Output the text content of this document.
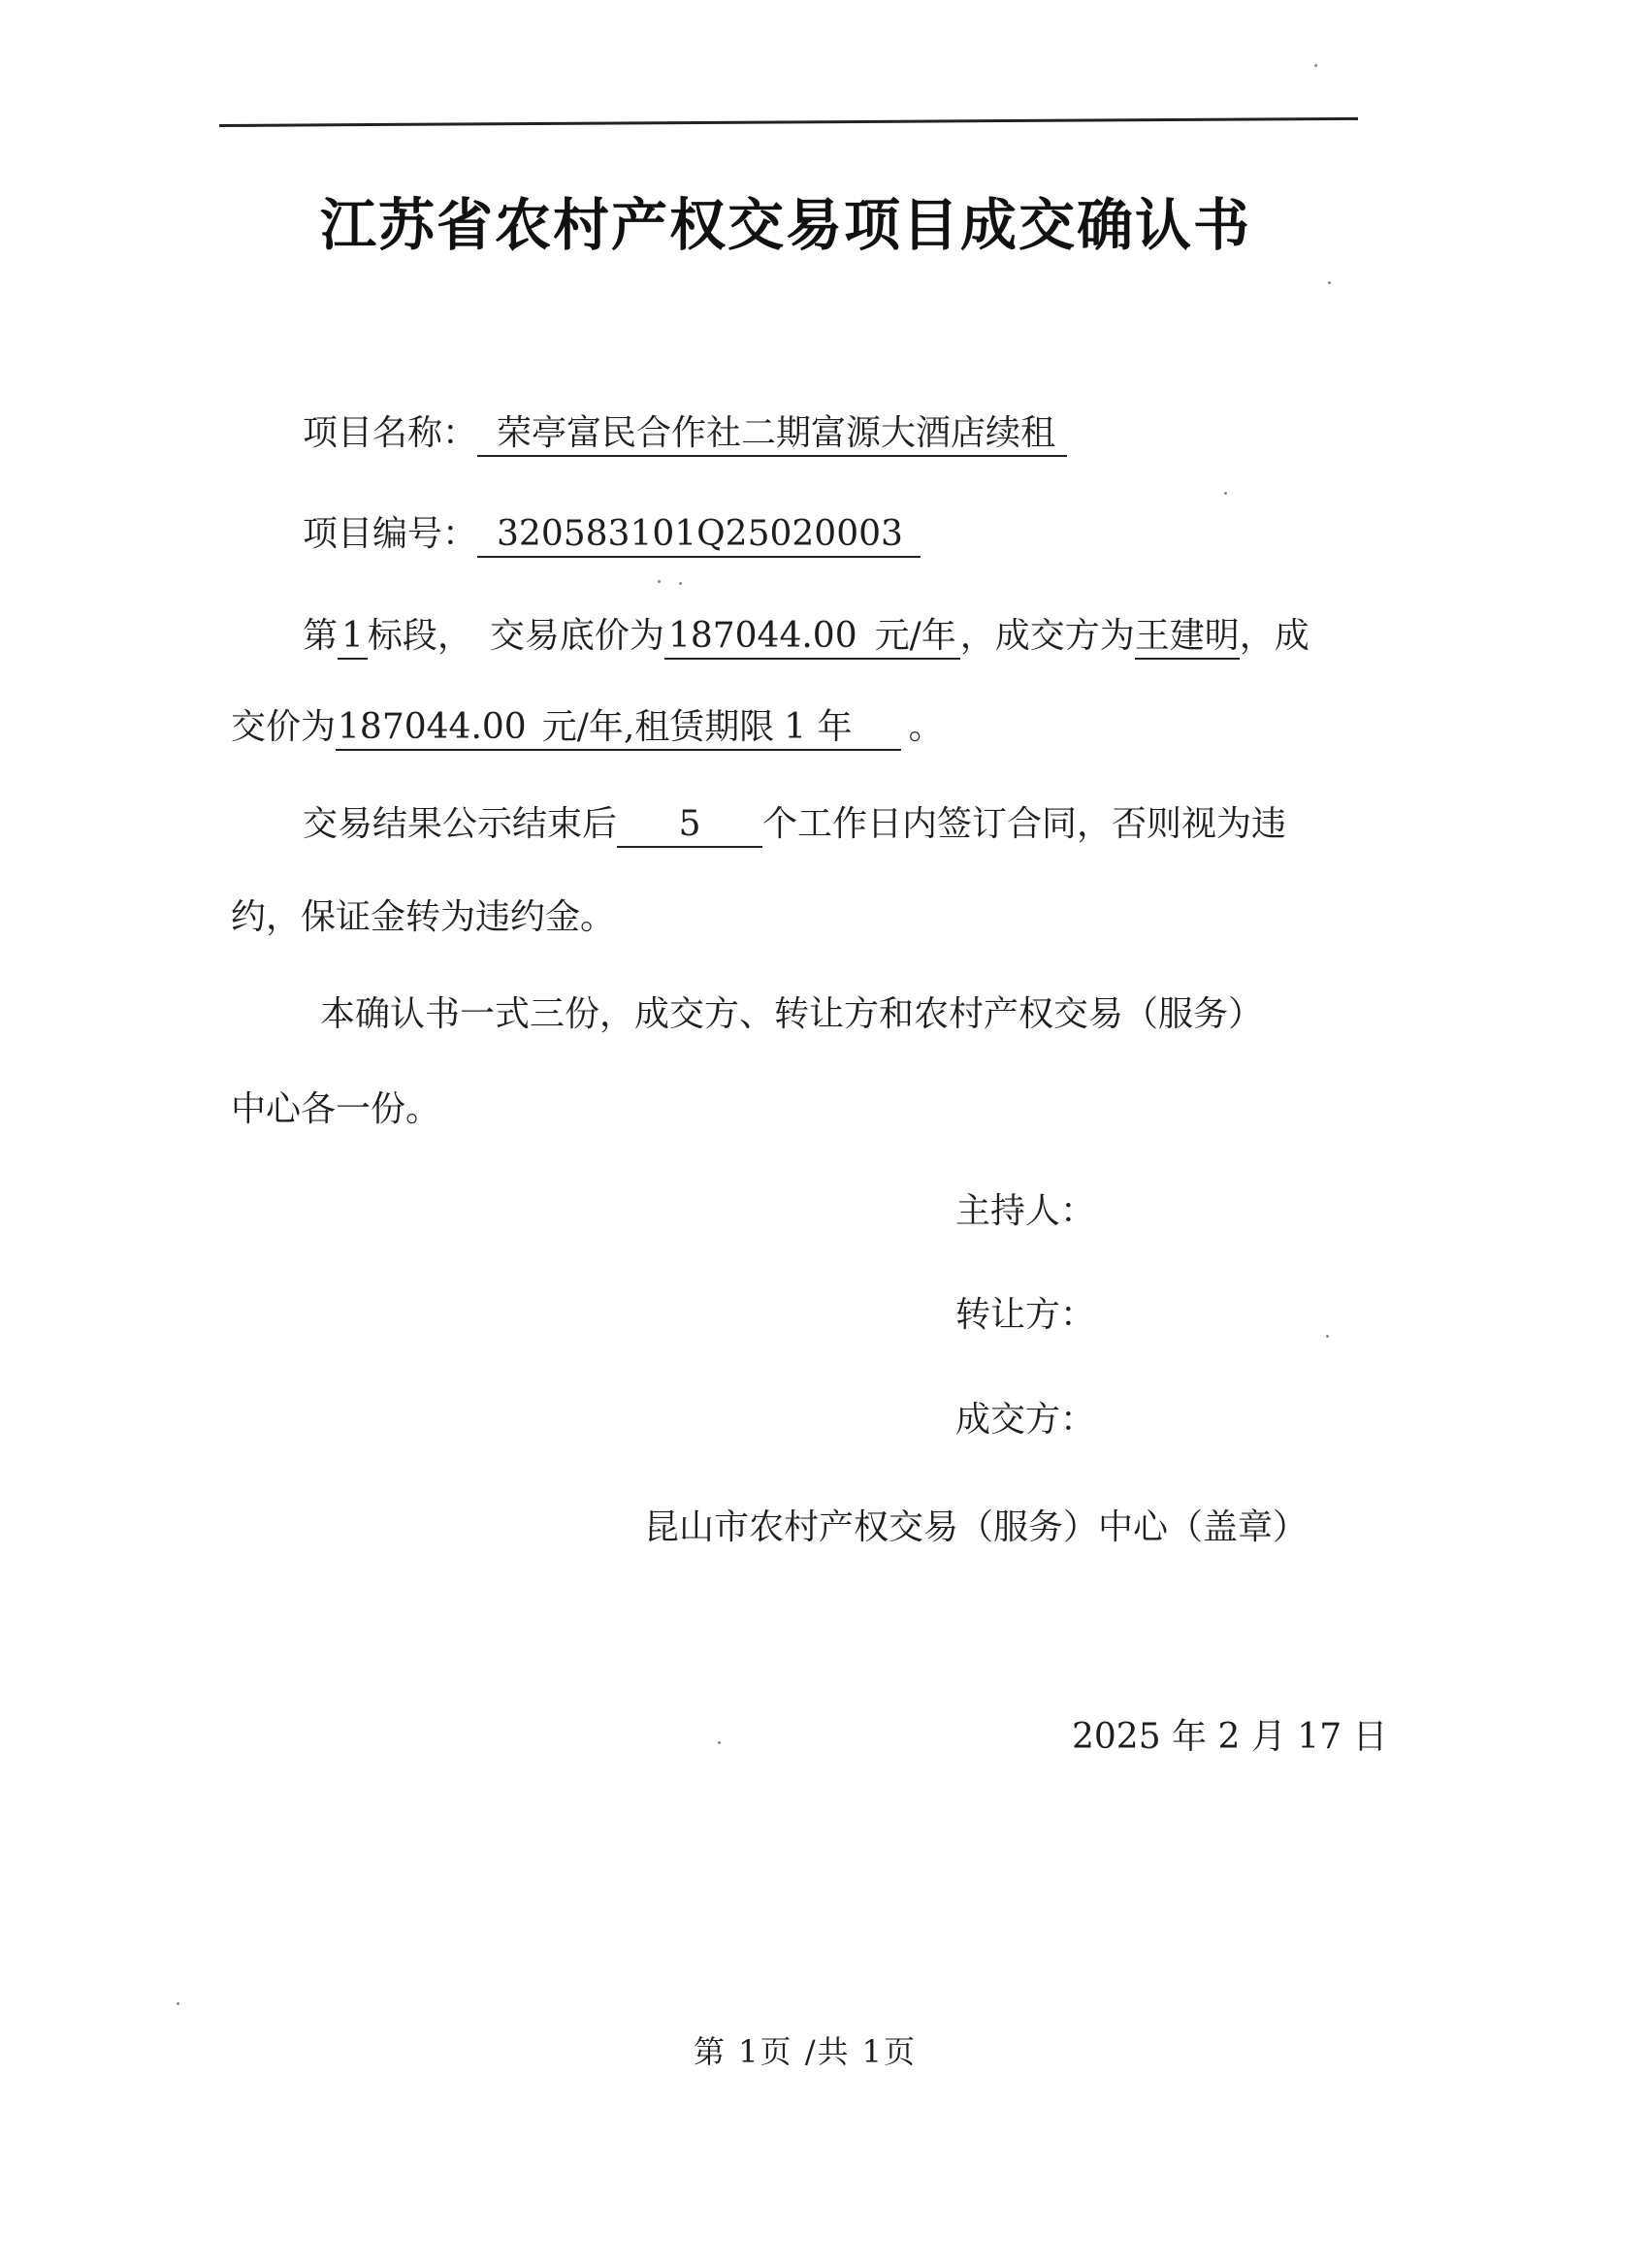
江苏省农村产权交易项目成交确认书
项目名称： 荣亭富民合作社二期富源大酒店续租
项目编号： 320583101Q25020003
第 1 标段，　交易底价为 187044.00 元/年 ，成交方为王建明，成
交价为187044.00 元/年,租赁期限 1 年 。
交易结果公示结束后 5 个工作日内签订合同，否则视为违
约，保证金转为违约金。
本确认书一式三份，成交方、转让方和农村产权交易（服务）
中心各一份。
主持人：
转让方：
成交方：
昆山市农村产权交易（服务）中心（盖章）
2025 年 2 月 17 日
第 1页 /共 1页
